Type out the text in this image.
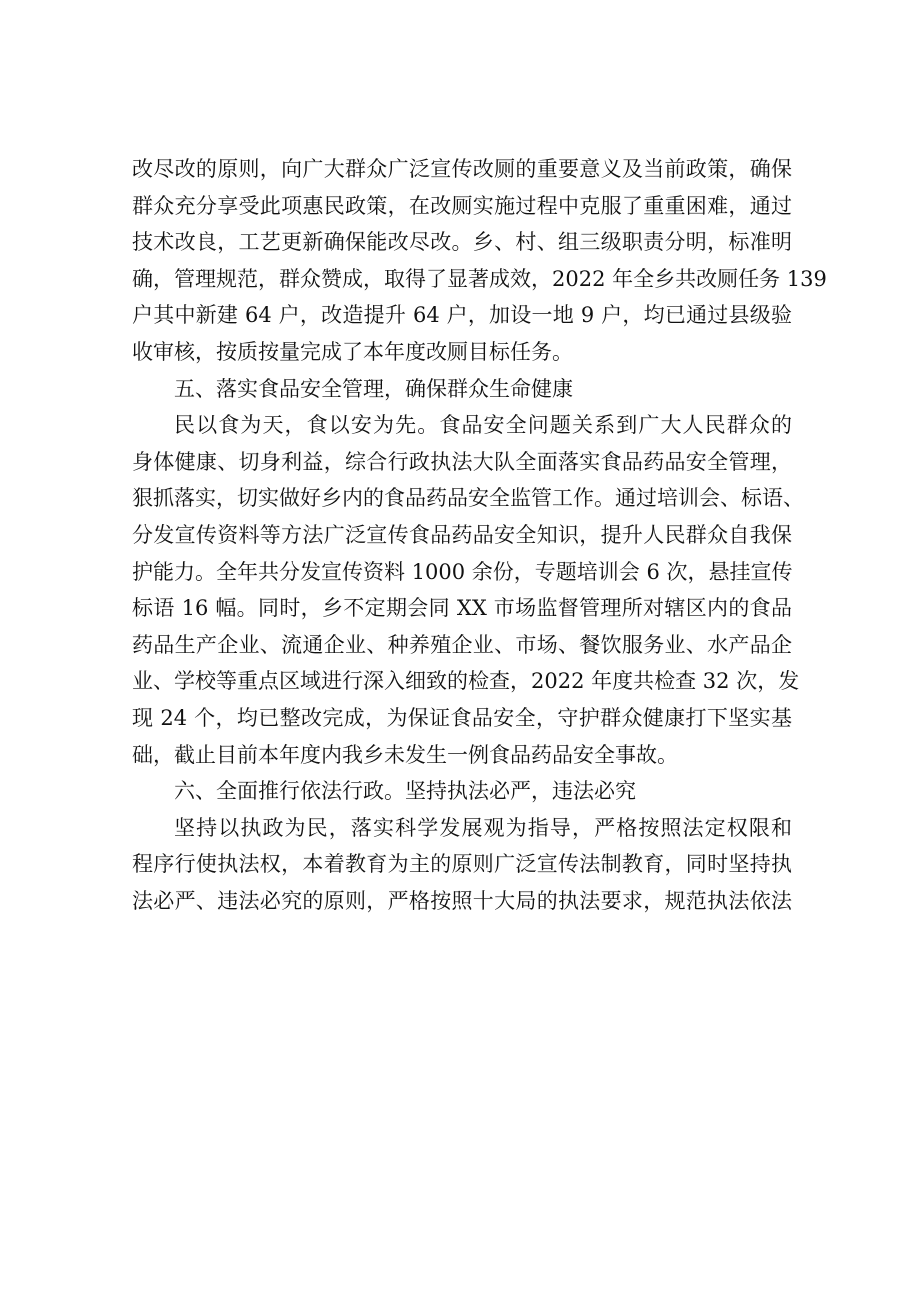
改尽改的原则，向广大群众广泛宣传改厕的重要意义及当前政策，确保
群众充分享受此项惠民政策，在改厕实施过程中克服了重重困难，通过
技术改良，工艺更新确保能改尽改。乡、村、组三级职责分明，标准明
确，管理规范，群众赞成，取得了显著成效，2022 年全乡共改厕任务 139
户其中新建 64 户，改造提升 64 户，加设一地 9 户，均已通过县级验
收审核，按质按量完成了本年度改厕目标任务。
五、落实食品安全管理，确保群众生命健康
民以食为天，食以安为先。食品安全问题关系到广大人民群众的
身体健康、切身利益，综合行政执法大队全面落实食品药品安全管理，
狠抓落实，切实做好乡内的食品药品安全监管工作。通过培训会、标语、
分发宣传资料等方法广泛宣传食品药品安全知识，提升人民群众自我保
护能力。全年共分发宣传资料 1000 余份，专题培训会 6 次，悬挂宣传
标语 16 幅。同时，乡不定期会同 XX 市场监督管理所对辖区内的食品
药品生产企业、流通企业、种养殖企业、市场、餐饮服务业、水产品企
业、学校等重点区域进行深入细致的检查，2022 年度共检查 32 次，发
现 24 个，均已整改完成，为保证食品安全，守护群众健康打下坚实基
础，截止目前本年度内我乡未发生一例食品药品安全事故。
六、全面推行依法行政。坚持执法必严，违法必究
坚持以执政为民，落实科学发展观为指导，严格按照法定权限和
程序行使执法权，本着教育为主的原则广泛宣传法制教育，同时坚持执
法必严、违法必究的原则，严格按照十大局的执法要求，规范执法依法
